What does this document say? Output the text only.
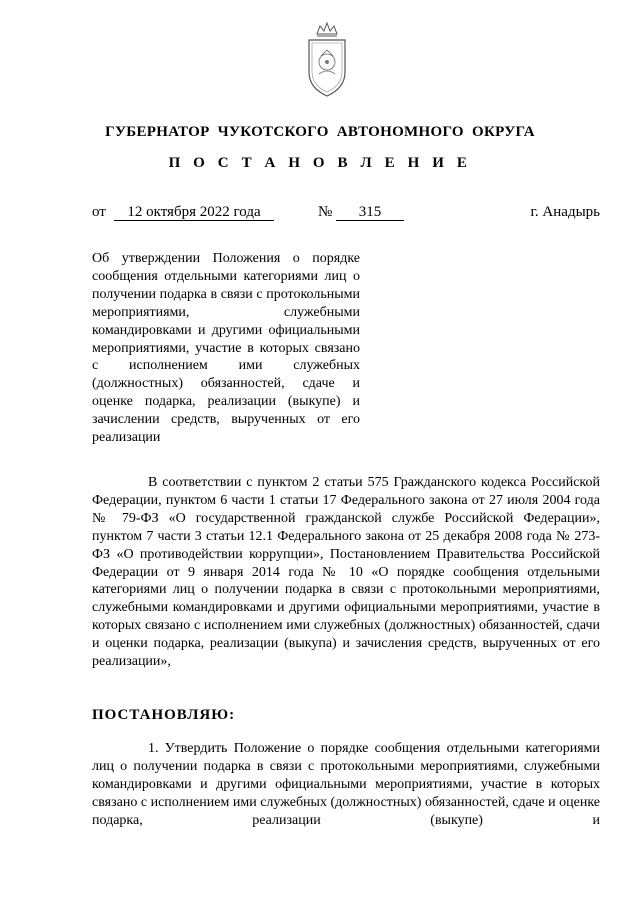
ГУБЕРНАТОР  ЧУКОТСКОГО  АВТОНОМНОГО  ОКРУГА
П О С Т А Н О В Л Е Н И Е
от	12 октября 2022 года	№	315	г. Анадырь
Об утверждении Положения о порядке сообщения отдельными категориями лиц о получении подарка в связи с протокольными мероприятиями, служебными командировками и другими официальными мероприятиями, участие в которых связано с исполнением ими служебных (должностных) обязанностей, сдаче и оценке подарка, реализации (выкупе) и зачислении средств, вырученных от его реализации
В соответствии с пунктом 2 статьи 575 Гражданского кодекса Российской Федерации, пунктом 6 части 1 статьи 17 Федерального закона от 27 июля 2004 года № 79-ФЗ «О государственной гражданской службе Российской Федерации», пунктом 7 части 3 статьи 12.1 Федерального закона от 25 декабря 2008 года № 273-ФЗ «О противодействии коррупции», Постановлением Правительства Российской Федерации от 9 января 2014 года № 10 «О порядке сообщения отдельными категориями лиц о получении подарка в связи с протокольными мероприятиями, служебными командировками и другими официальными мероприятиями, участие в которых связано с исполнением ими служебных (должностных) обязанностей, сдачи и оценки подарка, реализации (выкупа) и зачисления средств, вырученных от его реализации»,
ПОСТАНОВЛЯЮ:
1. Утвердить Положение о порядке сообщения отдельными категориями лиц о получении подарка в связи с протокольными мероприятиями, служебными командировками и другими официальными мероприятиями, участие в которых связано с исполнением ими служебных (должностных) обязанностей, сдаче и оценке подарка, реализации (выкупе) и
